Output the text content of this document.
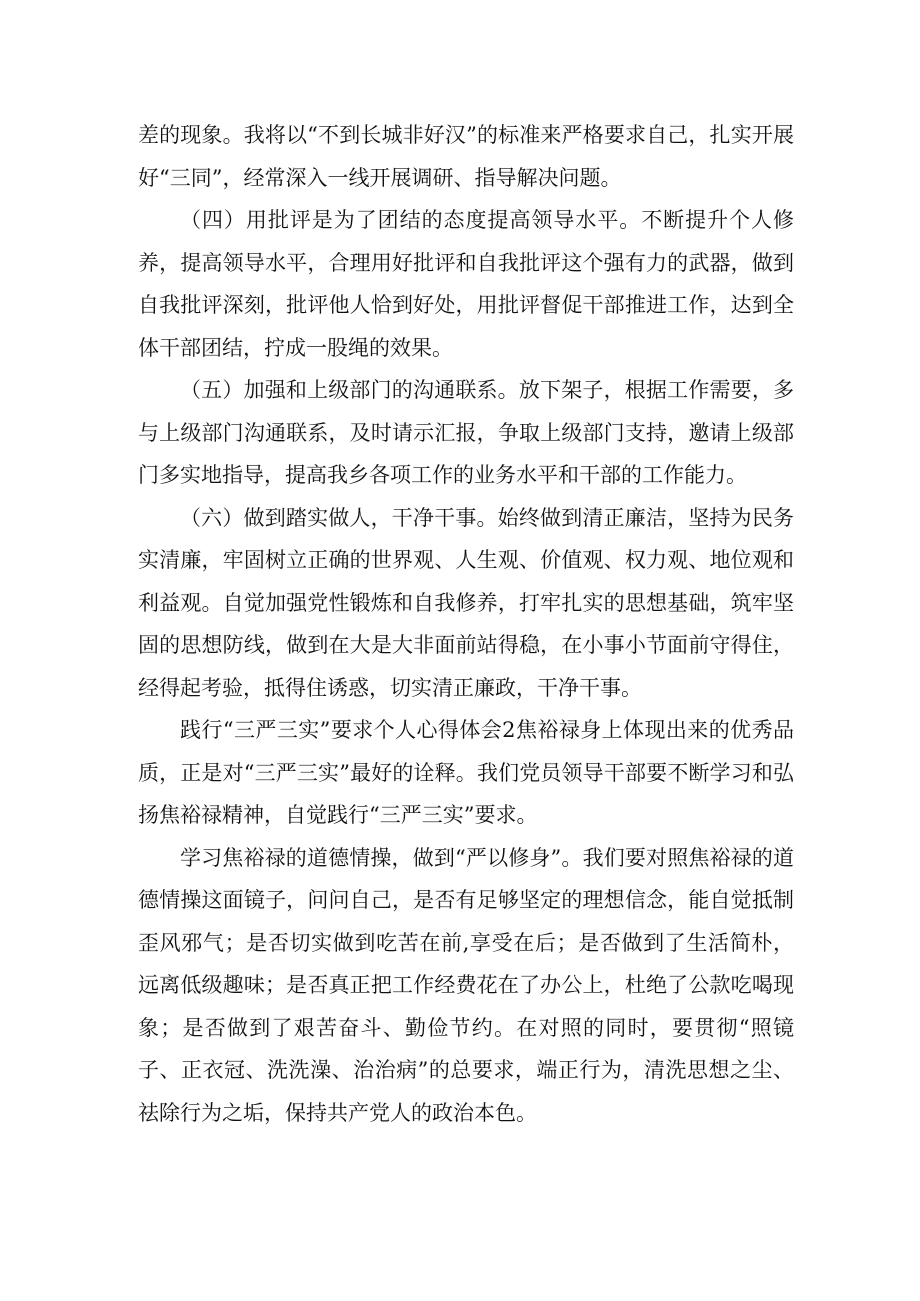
差的现象。我将以“不到长城非好汉”的标准来严格要求自己，扎实开展好“三同”，经常深入一线开展调研、指导解决问题。

（四）用批评是为了团结的态度提高领导水平。不断提升个人修养，提高领导水平，合理用好批评和自我批评这个强有力的武器，做到自我批评深刻，批评他人恰到好处，用批评督促干部推进工作，达到全体干部团结，拧成一股绳的效果。

（五）加强和上级部门的沟通联系。放下架子，根据工作需要，多与上级部门沟通联系，及时请示汇报，争取上级部门支持，邀请上级部门多实地指导，提高我乡各项工作的业务水平和干部的工作能力。

（六）做到踏实做人，干净干事。始终做到清正廉洁，坚持为民务实清廉，牢固树立正确的世界观、人生观、价值观、权力观、地位观和利益观。自觉加强党性锻炼和自我修养，打牢扎实的思想基础，筑牢坚固的思想防线，做到在大是大非面前站得稳，在小事小节面前守得住，经得起考验，抵得住诱惑，切实清正廉政，干净干事。

践行“三严三实”要求个人心得体会2焦裕禄身上体现出来的优秀品质，正是对“三严三实”最好的诠释。我们党员领导干部要不断学习和弘扬焦裕禄精神，自觉践行“三严三实”要求。

学习焦裕禄的道德情操，做到“严以修身”。我们要对照焦裕禄的道德情操这面镜子，问问自己，是否有足够坚定的理想信念，能自觉抵制歪风邪气；是否切实做到吃苦在前,享受在后；是否做到了生活简朴，远离低级趣味；是否真正把工作经费花在了办公上，杜绝了公款吃喝现象；是否做到了艰苦奋斗、勤俭节约。在对照的同时，要贯彻“照镜子、正衣冠、洗洗澡、治治病”的总要求，端正行为，清洗思想之尘、祛除行为之垢，保持共产党人的政治本色。
